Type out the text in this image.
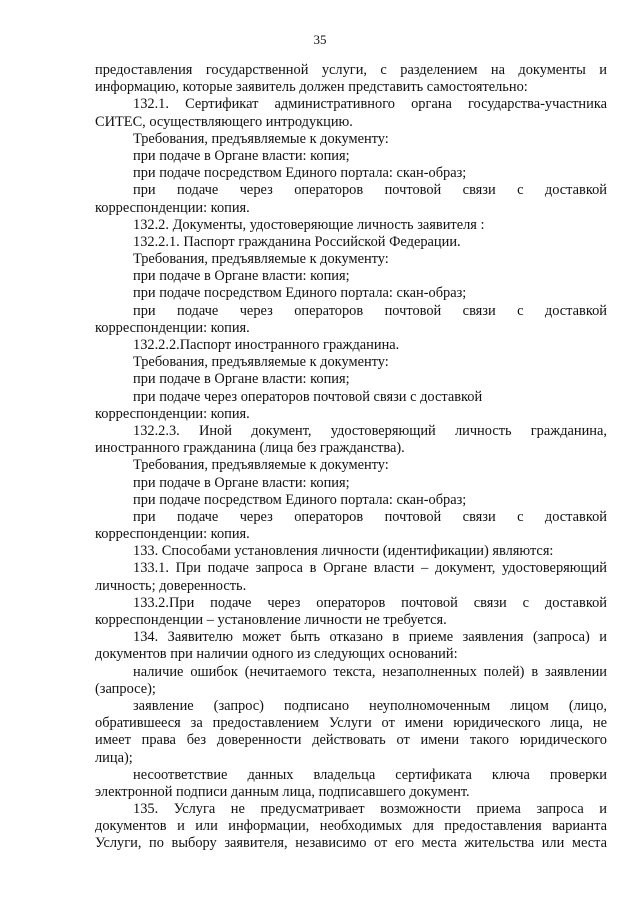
35
предоставления государственной услуги, с разделением на документы и
информацию, которые заявитель должен представить самостоятельно:
132.1. Сертификат административного органа государства-участника
СИТЕС, осуществляющего интродукцию.
Требования, предъявляемые к документу:
при подаче в Органе власти: копия;
при подаче посредством Единого портала: скан-образ;
при подаче через операторов почтовой связи с доставкой
корреспонденции: копия.
132.2. Документы, удостоверяющие личность заявителя :
132.2.1. Паспорт гражданина Российской Федерации.
Требования, предъявляемые к документу:
при подаче в Органе власти: копия;
при подаче посредством Единого портала: скан-образ;
при подаче через операторов почтовой связи с доставкой
корреспонденции: копия.
132.2.2.Паспорт иностранного гражданина.
Требования, предъявляемые к документу:
при подаче в Органе власти: копия;
при подаче через операторов почтовой связи с доставкой
корреспонденции: копия.
132.2.3. Иной документ, удостоверяющий личность гражданина,
иностранного гражданина (лица без гражданства).
Требования, предъявляемые к документу:
при подаче в Органе власти: копия;
при подаче посредством Единого портала: скан-образ;
при подаче через операторов почтовой связи с доставкой
корреспонденции: копия.
133. Способами установления личности (идентификации) являются:
133.1. При подаче запроса в Органе власти – документ, удостоверяющий
личность; доверенность.
133.2.При подаче через операторов почтовой связи с доставкой
корреспонденции – установление личности не требуется.
134. Заявителю может быть отказано в приеме заявления (запроса) и
документов при наличии одного из следующих оснований:
наличие ошибок (нечитаемого текста, незаполненных полей) в заявлении
(запросе);
заявление (запрос) подписано неуполномоченным лицом (лицо,
обратившееся за предоставлением Услуги от имени юридического лица, не
имеет права без доверенности действовать от имени такого юридического
лица);
несоответствие данных владельца сертификата ключа проверки
электронной подписи данным лица, подписавшего документ.
135. Услуга не предусматривает возможности приема запроса и
документов и или информации, необходимых для предоставления варианта
Услуги, по выбору заявителя, независимо от его места жительства или места
